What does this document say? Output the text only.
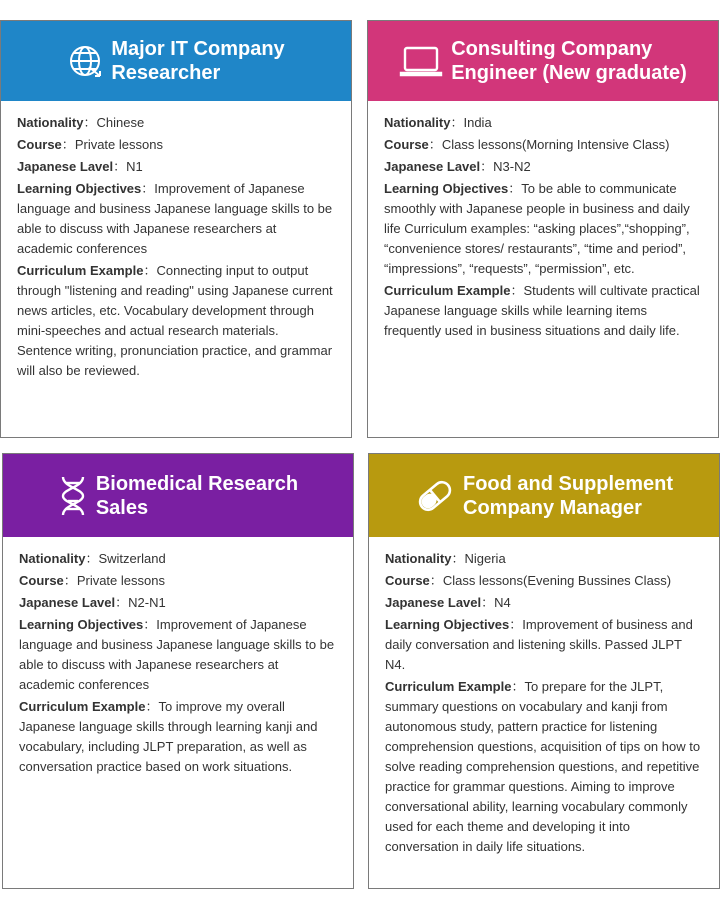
Major IT Company
Researcher

Nationality：Chinese

Course：Private lessons

Japanese Lavel：N1

Learning Objectives：Improvement of Japanese language and business Japanese language skills to be able to discuss with Japanese researchers at academic conferences

Curriculum Example：Connecting input to output through "listening and reading" using Japanese current news articles, etc. Vocabulary development through mini-speeches and actual research materials. Sentence writing, pronunciation practice, and grammar will also be reviewed.

Consulting Company
Engineer (New graduate)

Nationality：India

Course：Class lessons(Morning Intensive Class)

Japanese Lavel：N3-N2

Learning Objectives：To be able to communicate smoothly with Japanese people in business and daily life Curriculum examples: “asking places”,“shopping”, “convenience stores/ restaurants”, “time and period”, “impressions”, “requests”, “permission”, etc.

Curriculum Example：Students will cultivate practical Japanese language skills while learning items frequently used in business situations and daily life.

Biomedical Research
Sales

Nationality：Switzerland

Course：Private lessons

Japanese Lavel：N2-N1

Learning Objectives：Improvement of Japanese language and business Japanese language skills to be able to discuss with Japanese researchers at academic conferences

Curriculum Example：To improve my overall Japanese language skills through learning kanji and vocabulary, including JLPT preparation, as well as conversation practice based on work situations.

Food and Supplement
Company Manager

Nationality：Nigeria

Course：Class lessons(Evening Bussines Class)

Japanese Lavel：N4

Learning Objectives：Improvement of business and daily conversation and listening skills. Passed JLPT N4.

Curriculum Example：To prepare for the JLPT, summary questions on vocabulary and kanji from autonomous study, pattern practice for listening comprehension questions, acquisition of tips on how to solve reading comprehension questions, and repetitive practice for grammar questions. Aiming to improve conversational ability, learning vocabulary commonly used for each theme and developing it into conversation in daily life situations.
